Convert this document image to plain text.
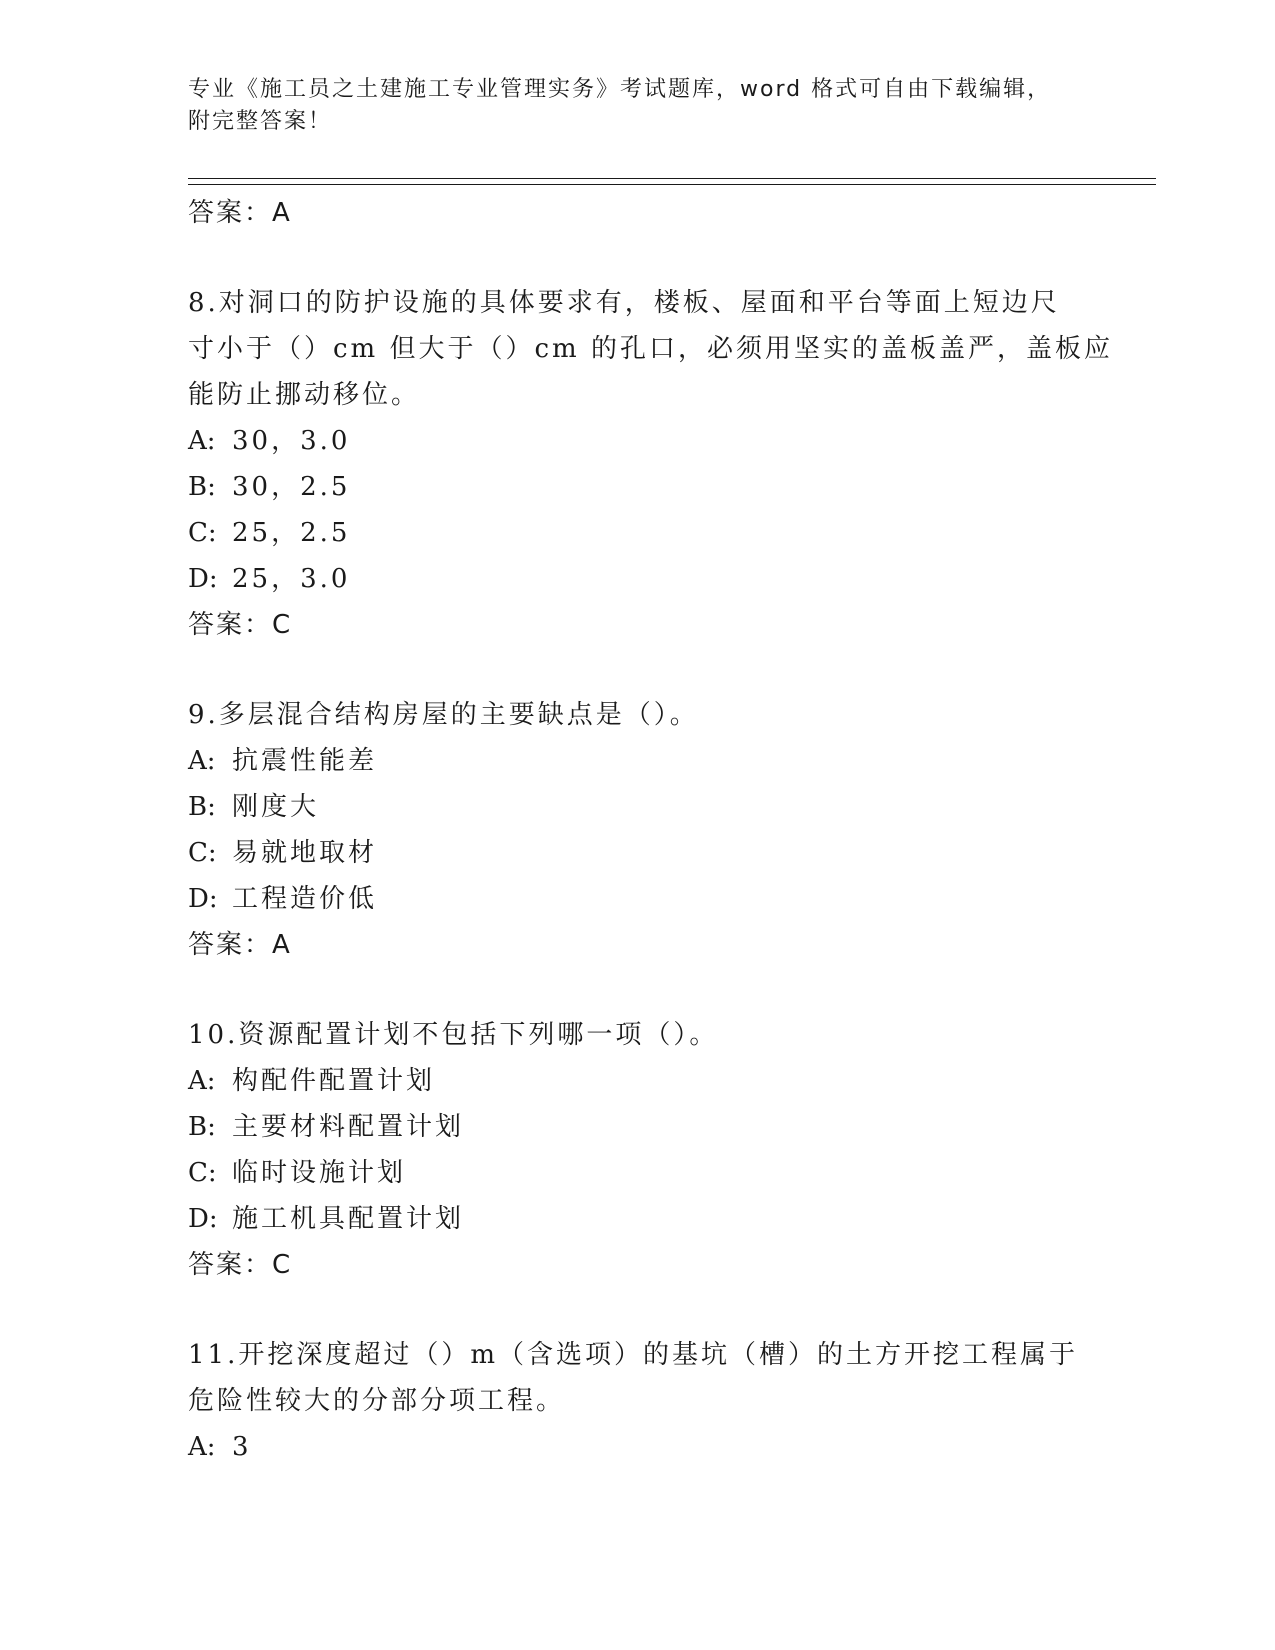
专业《施工员之土建施工专业管理实务》考试题库，word 格式可自由下载编辑，
附完整答案！
答案：A
8.对洞口的防护设施的具体要求有，楼板、屋面和平台等面上短边尺
寸小于（）cm 但大于（）cm 的孔口，必须用坚实的盖板盖严，盖板应
能防止挪动移位。
A: 30，3.0
B: 30，2.5
C: 25，2.5
D: 25，3.0
答案：C
9.多层混合结构房屋的主要缺点是（）。
A: 抗震性能差
B: 刚度大
C: 易就地取材
D: 工程造价低
答案：A
10.资源配置计划不包括下列哪一项（）。
A: 构配件配置计划
B: 主要材料配置计划
C: 临时设施计划
D: 施工机具配置计划
答案：C
11.开挖深度超过（）m（含选项）的基坑（槽）的土方开挖工程属于
危险性较大的分部分项工程。
A: 3
